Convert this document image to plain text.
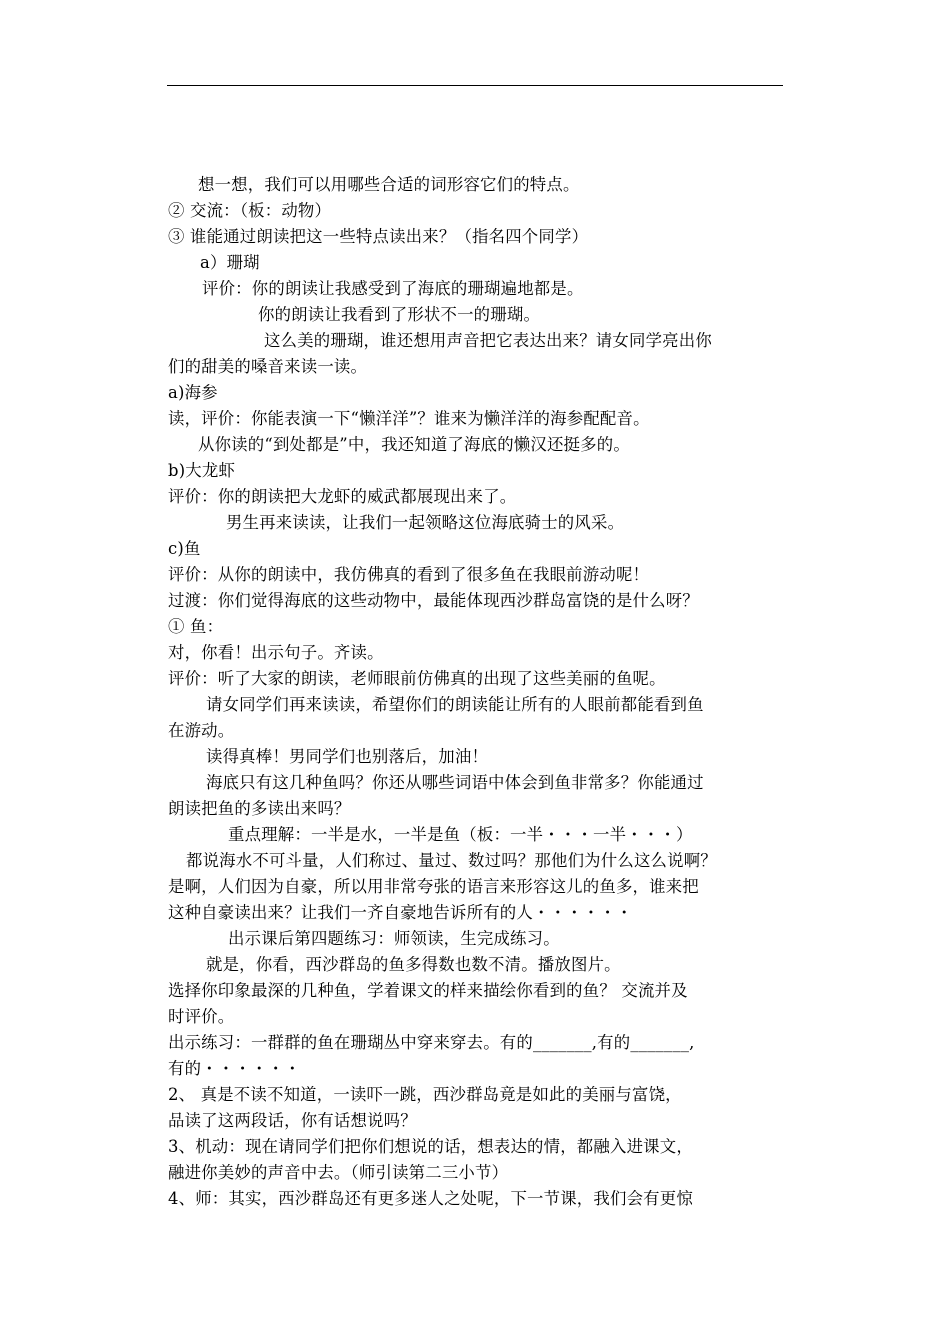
想一想，我们可以用哪些合适的词形容它们的特点。
② 交流：（板：动物）
③ 谁能通过朗读把这一些特点读出来？（指名四个同学）
a）珊瑚
评价：你的朗读让我感受到了海底的珊瑚遍地都是。
你的朗读让我看到了形状不一的珊瑚。
这么美的珊瑚，谁还想用声音把它表达出来？请女同学亮出你
们的甜美的嗓音来读一读。
a)海参
读，评价：你能表演一下“懒洋洋”？谁来为懒洋洋的海参配配音。
从你读的“到处都是”中，我还知道了海底的懒汉还挺多的。
b)大龙虾
评价：你的朗读把大龙虾的威武都展现出来了。
男生再来读读，让我们一起领略这位海底骑士的风采。
c)鱼
评价：从你的朗读中，我仿佛真的看到了很多鱼在我眼前游动呢！
过渡：你们觉得海底的这些动物中，最能体现西沙群岛富饶的是什么呀？
① 鱼：
对，你看！出示句子。齐读。
评价：听了大家的朗读，老师眼前仿佛真的出现了这些美丽的鱼呢。
请女同学们再来读读，希望你们的朗读能让所有的人眼前都能看到鱼
在游动。
读得真棒！男同学们也别落后，加油！
海底只有这几种鱼吗？你还从哪些词语中体会到鱼非常多？你能通过
朗读把鱼的多读出来吗？
重点理解：一半是水，一半是鱼（板：一半・・・一半・・・）
都说海水不可斗量，人们称过、量过、数过吗？那他们为什么这么说啊？
是啊，人们因为自豪，所以用非常夸张的语言来形容这儿的鱼多，谁来把
这种自豪读出来？让我们一齐自豪地告诉所有的人・・・・・・
出示课后第四题练习：师领读，生完成练习。
就是，你看，西沙群岛的鱼多得数也数不清。播放图片。
选择你印象最深的几种鱼，学着课文的样来描绘你看到的鱼？ 交流并及
时评价。
出示练习：一群群的鱼在珊瑚丛中穿来穿去。有的_______,有的_______,
有的・・・・・・
2、 真是不读不知道，一读吓一跳，西沙群岛竟是如此的美丽与富饶，
品读了这两段话，你有话想说吗？
3、机动：现在请同学们把你们想说的话，想表达的情，都融入进课文，
融进你美妙的声音中去。（师引读第二三小节）
4、师：其实，西沙群岛还有更多迷人之处呢，下一节课，我们会有更惊
